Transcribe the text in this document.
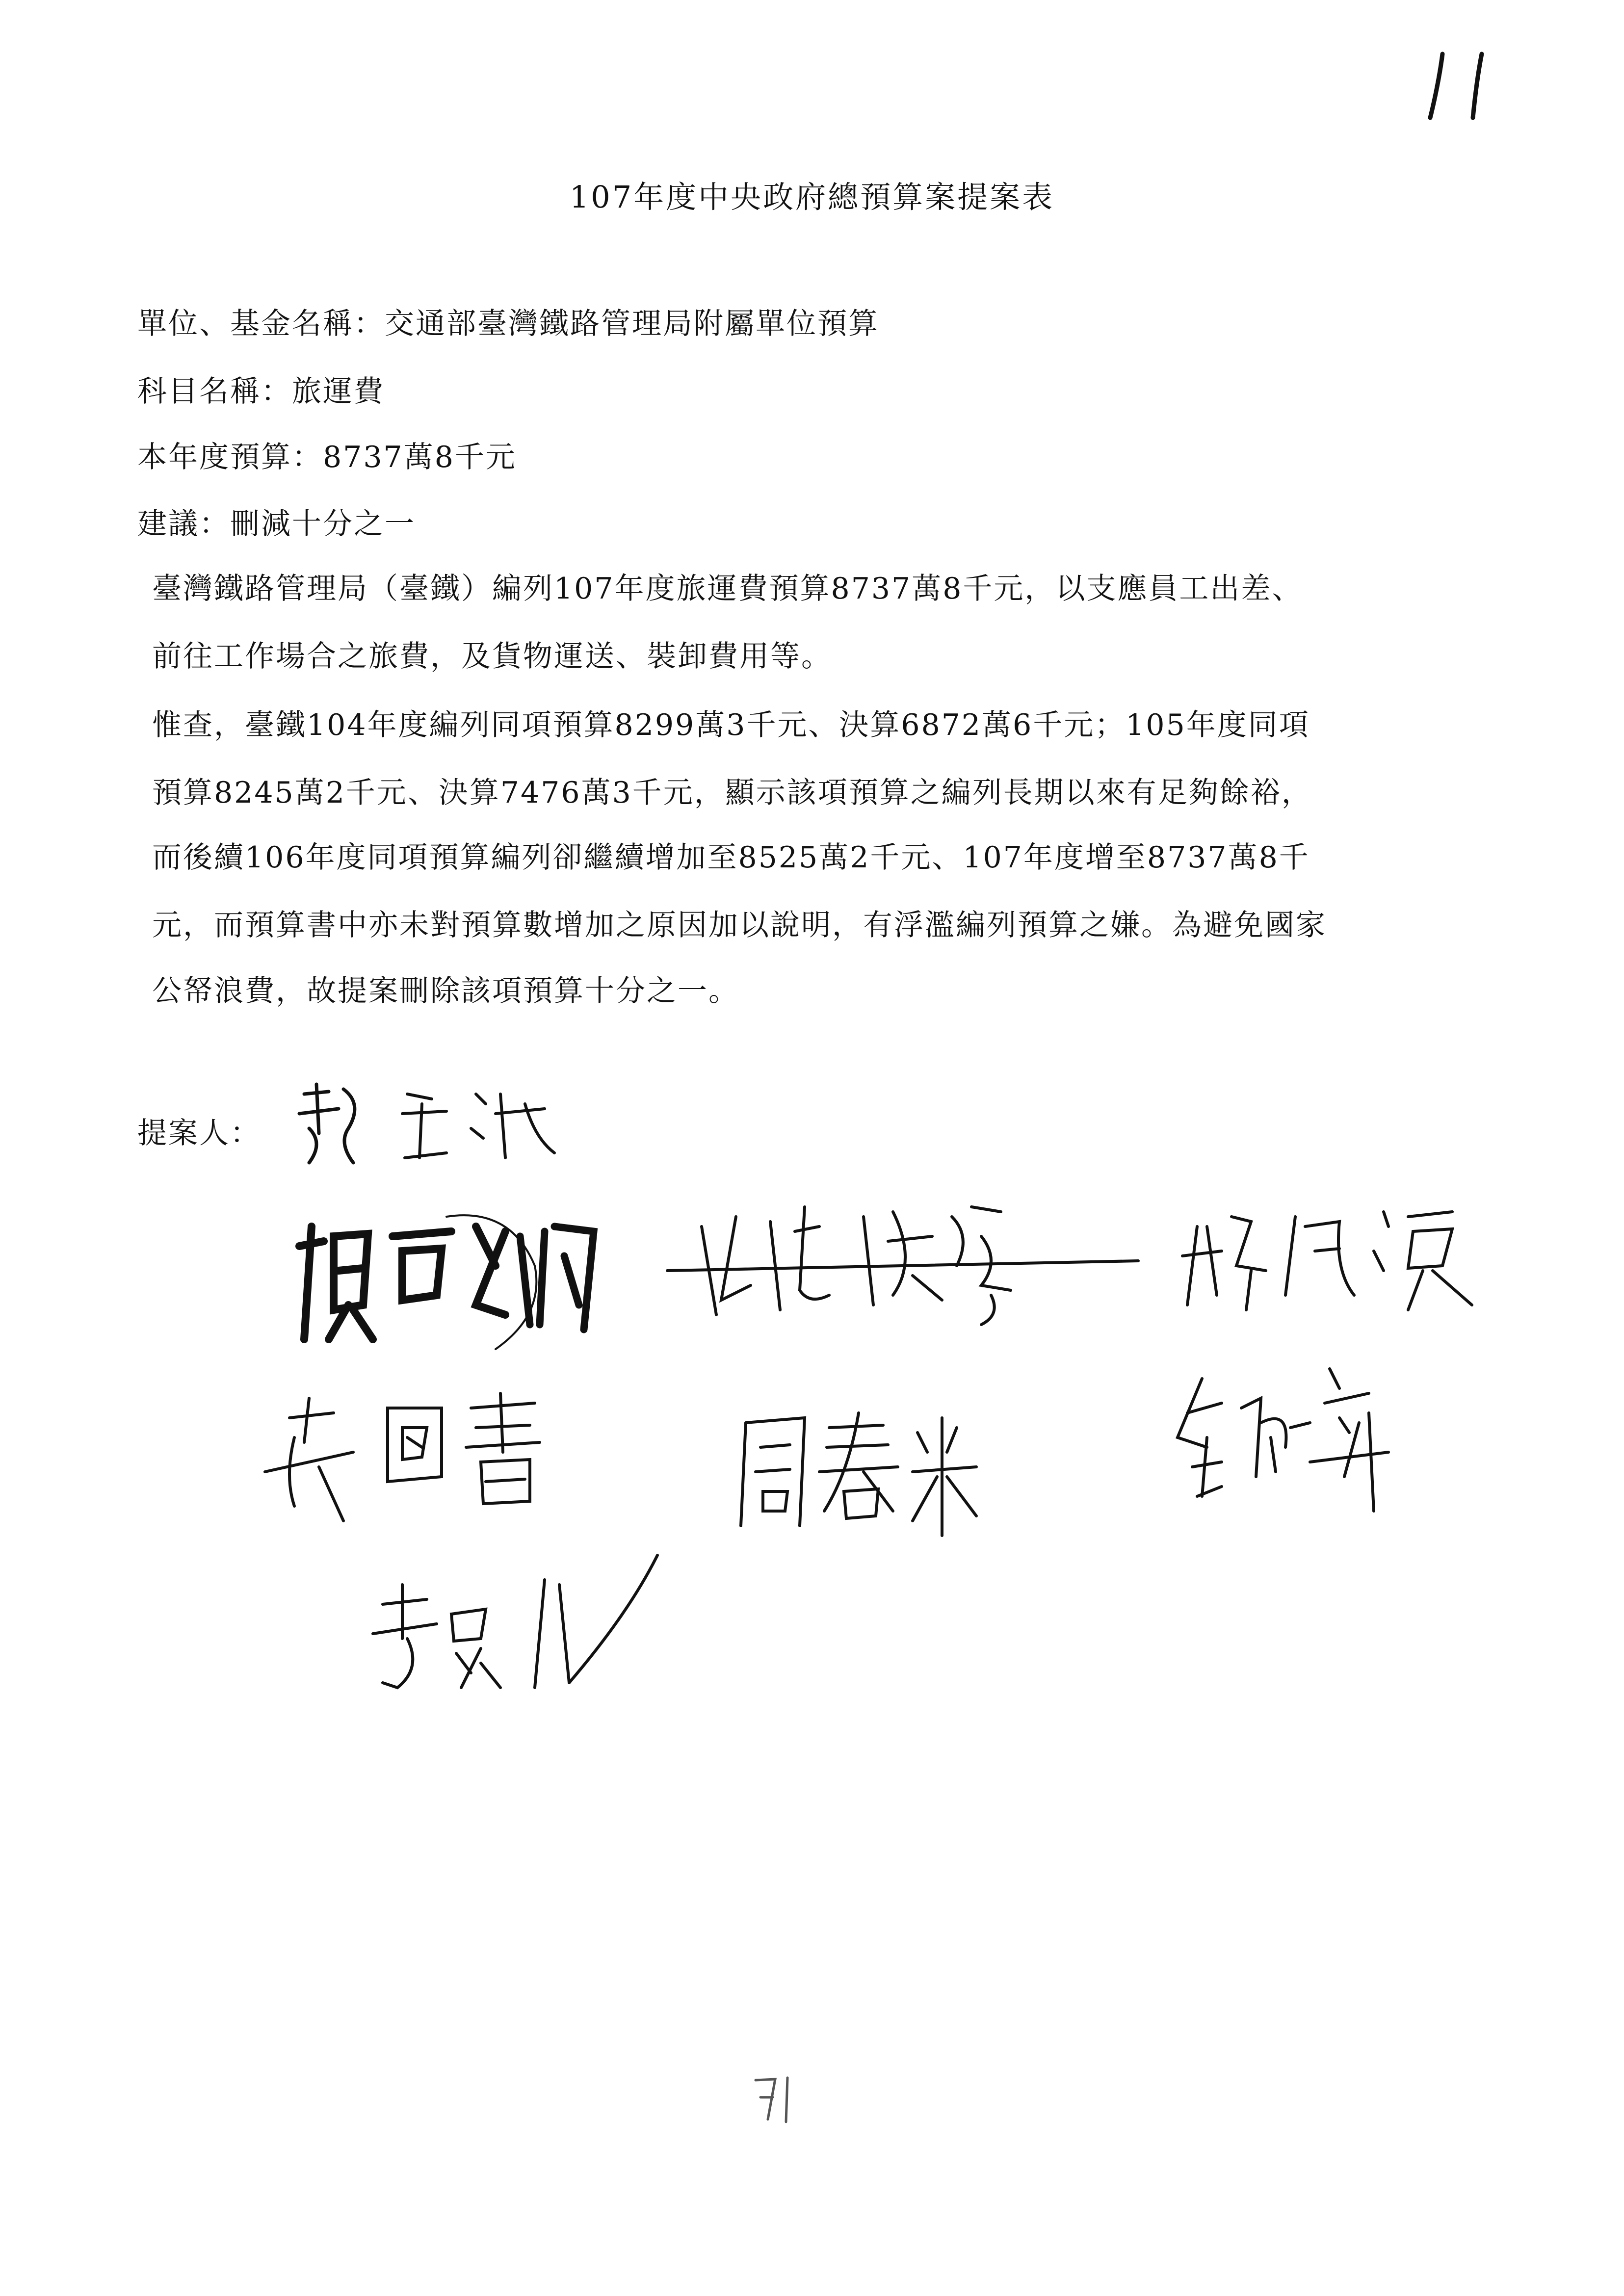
107年度中央政府總預算案提案表
單位、基金名稱：交通部臺灣鐵路管理局附屬單位預算
科目名稱：旅運費
本年度預算：8737萬8千元
建議：刪減十分之一
臺灣鐵路管理局（臺鐵）編列107年度旅運費預算8737萬8千元，以支應員工出差、
前往工作場合之旅費，及貨物運送、裝卸費用等。
惟查，臺鐵104年度編列同項預算8299萬3千元、決算6872萬6千元；105年度同項
預算8245萬2千元、決算7476萬3千元，顯示該項預算之編列長期以來有足夠餘裕，
而後續106年度同項預算編列卻繼續增加至8525萬2千元、107年度增至8737萬8千
元，而預算書中亦未對預算數增加之原因加以說明，有浮濫編列預算之嫌。為避免國家
公帑浪費，故提案刪除該項預算十分之一。
提案人：
